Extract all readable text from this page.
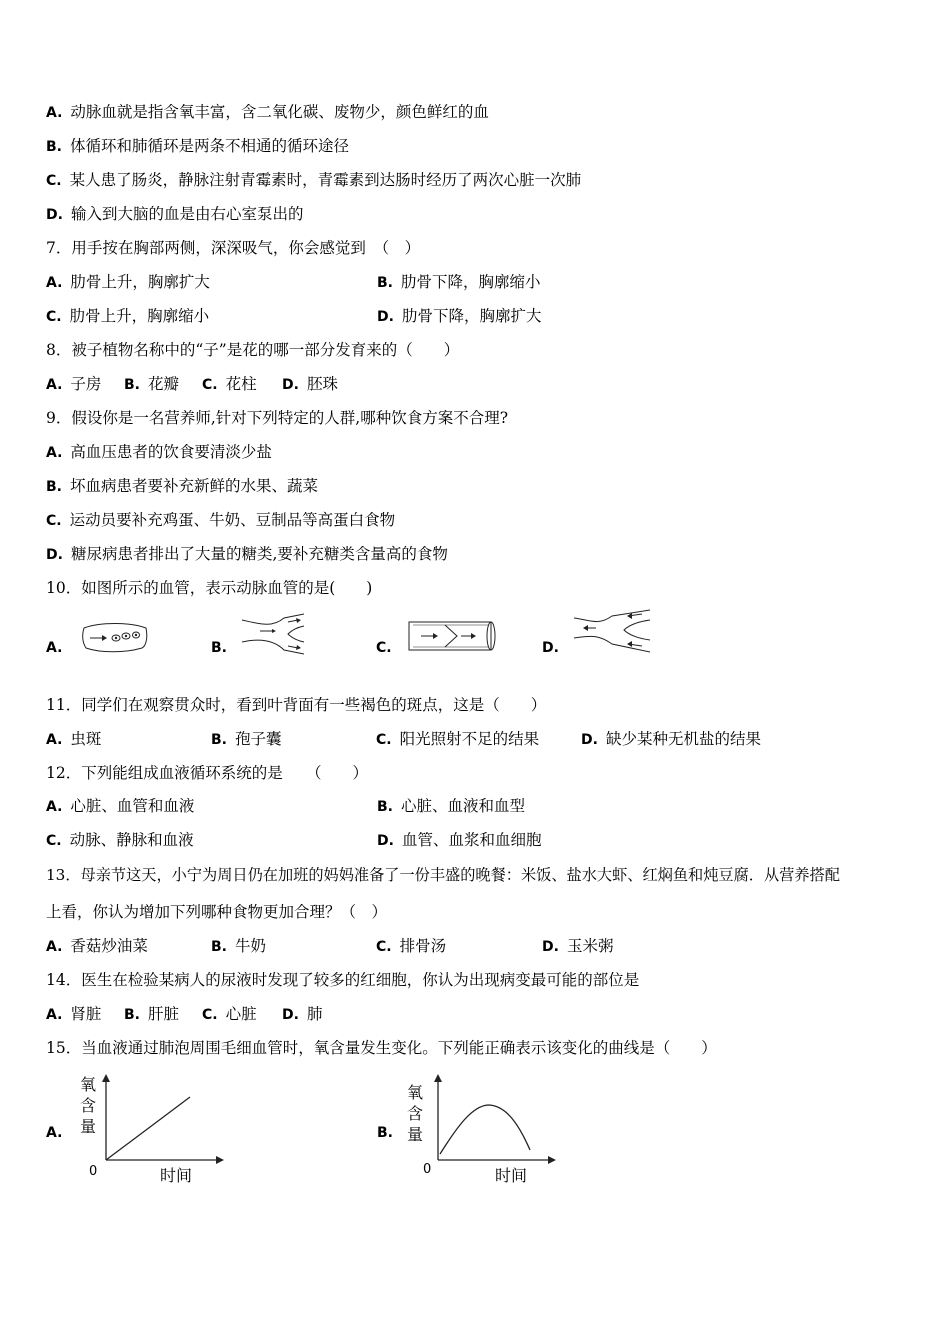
A. 动脉血就是指含氧丰富，含二氧化碳、废物少，颜色鲜红的血
B. 体循环和肺循环是两条不相通的循环途径
C. 某人患了肠炎，静脉注射青霉素时，青霉素到达肠时经历了两次心脏一次肺
D. 输入到大脑的血是由右心室泵出的
7．用手按在胸部两侧，深深吸气，你会感觉到　（　）
A. 肋骨上升，胸廓扩大	B. 肋骨下降，胸廓缩小
C. 肋骨上升，胸廓缩小	D. 肋骨下降，胸廓扩大
8．被子植物名称中的“子”是花的哪一部分发育来的（　　）
A. 子房 B. 花瓣 C. 花柱 D. 胚珠
9．假设你是一名营养师,针对下列特定的人群,哪种饮食方案不合理?
A. 高血压患者的饮食要清淡少盐
B. 坏血病患者要补充新鲜的水果、蔬菜
C. 运动员要补充鸡蛋、牛奶、豆制品等高蛋白食物
D. 糖尿病患者排出了大量的糖类,要补充糖类含量高的食物
10．如图所示的血管，表示动脉血管的是(　　)
A.	B.	C.	D.
11．同学们在观察贯众时，看到叶背面有一些褐色的斑点，这是（　　）
A. 虫斑	B. 孢子囊	C. 阳光照射不足的结果	D. 缺少某种无机盐的结果
12．下列能组成血液循环系统的是　　（　　）
A. 心脏、血管和血液	B. 心脏、血液和血型
C. 动脉、静脉和血液	D. 血管、血浆和血细胞
13．母亲节这天，小宁为周日仍在加班的妈妈准备了一份丰盛的晚餐：米饭、盐水大虾、红焖鱼和炖豆腐．从营养搭配
上看，你认为增加下列哪种食物更加合理？（　）
A. 香菇炒油菜	B. 牛奶	C. 排骨汤	D. 玉米粥
14．医生在检验某病人的尿液时发现了较多的红细胞，你认为出现病变最可能的部位是
A. 肾脏 B. 肝脏 C. 心脏 D. 肺
15．当血液通过肺泡周围毛细血管时，氧含量发生变化。下列能正确表示该变化的曲线是（　　）
A.
氧
含
量
0	时间
B.
氧
含
量
0	时间
